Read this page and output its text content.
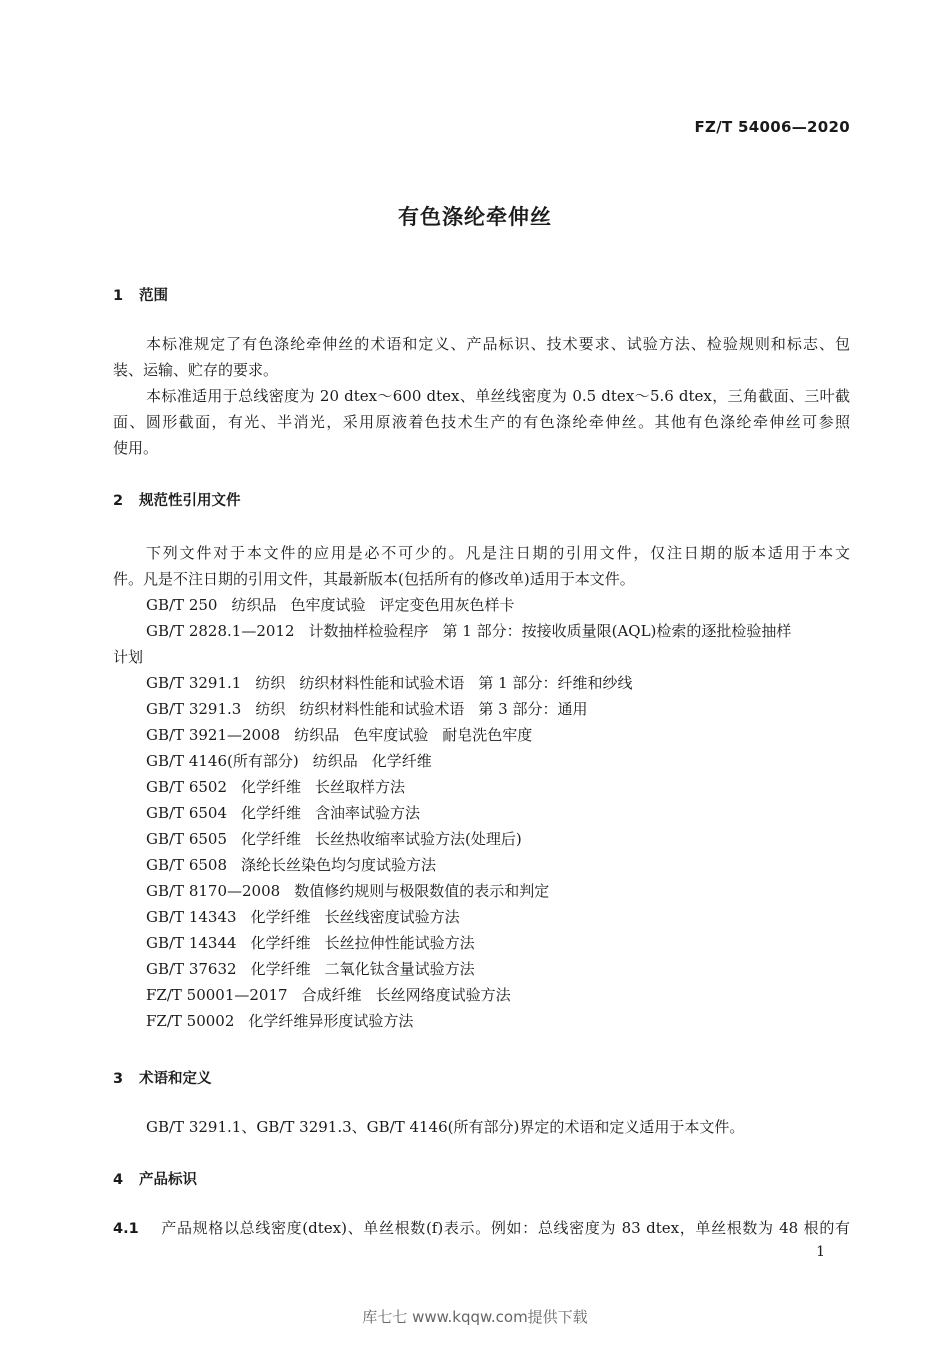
FZ/T 54006—2020
有色涤纶牵伸丝
1 范围
本标准规定了有色涤纶牵伸丝的术语和定义、产品标识、技术要求、试验方法、检验规则和标志、包
装、运输、贮存的要求。
本标准适用于总线密度为 20 dtex～600 dtex、单丝线密度为 0.5 dtex～5.6 dtex，三角截面、三叶截
面、圆形截面，有光、半消光，采用原液着色技术生产的有色涤纶牵伸丝。其他有色涤纶牵伸丝可参照
使用。
2 规范性引用文件
下列文件对于本文件的应用是必不可少的。凡是注日期的引用文件，仅注日期的版本适用于本文
件。凡是不注日期的引用文件，其最新版本(包括所有的修改单)适用于本文件。
GB/T 250 纺织品 色牢度试验 评定变色用灰色样卡
GB/T 2828.1—2012 计数抽样检验程序 第 1 部分：按接收质量限(AQL)检索的逐批检验抽样
计划
GB/T 3291.1 纺织 纺织材料性能和试验术语 第 1 部分：纤维和纱线
GB/T 3291.3 纺织 纺织材料性能和试验术语 第 3 部分：通用
GB/T 3921—2008 纺织品 色牢度试验 耐皂洗色牢度
GB/T 4146(所有部分) 纺织品 化学纤维
GB/T 6502 化学纤维 长丝取样方法
GB/T 6504 化学纤维 含油率试验方法
GB/T 6505 化学纤维 长丝热收缩率试验方法(处理后)
GB/T 6508 涤纶长丝染色均匀度试验方法
GB/T 8170—2008 数值修约规则与极限数值的表示和判定
GB/T 14343 化学纤维 长丝线密度试验方法
GB/T 14344 化学纤维 长丝拉伸性能试验方法
GB/T 37632 化学纤维 二氧化钛含量试验方法
FZ/T 50001—2017 合成纤维 长丝网络度试验方法
FZ/T 50002 化学纤维异形度试验方法
3 术语和定义
GB/T 3291.1、GB/T 3291.3、GB/T 4146(所有部分)界定的术语和定义适用于本文件。
4 产品标识
4.1 产品规格以总线密度(dtex)、单丝根数(f)表示。例如：总线密度为 83 dtex，单丝根数为 48 根的有
1
库七七 www.kqqw.com提供下载
